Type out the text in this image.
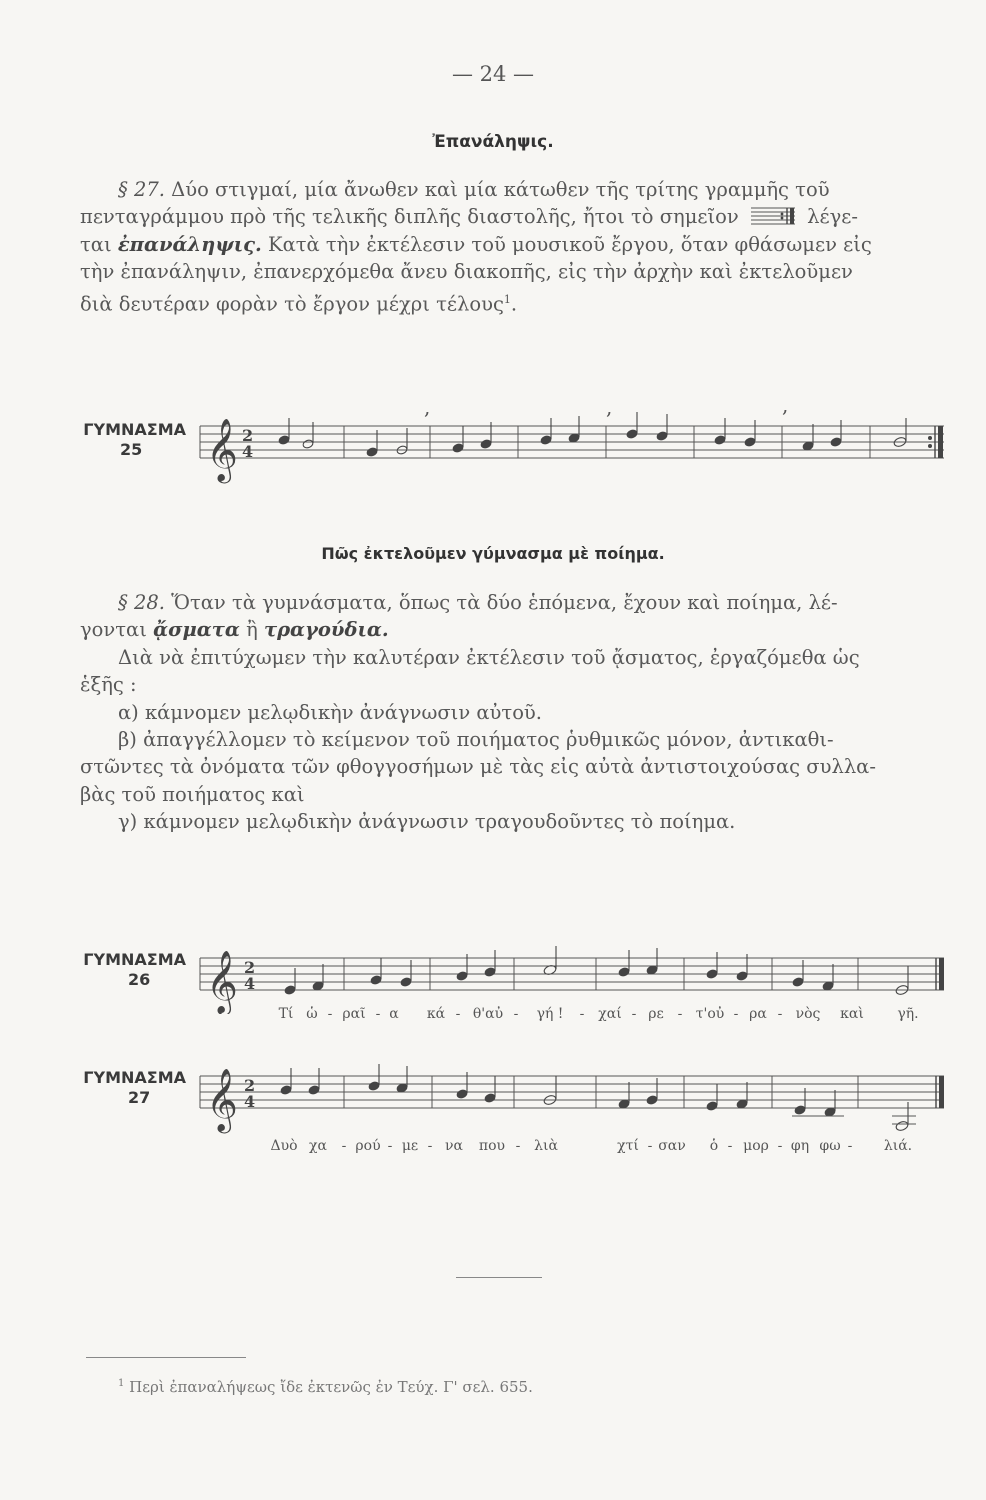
— 24 —
Ἐπανάληψις.

§ 27. Δύο στιγμαί, μία ἄνωθεν καὶ μία κάτωθεν τῆς τρίτης γραμμῆς τοῦ

πενταγράμμου πρὸ τῆς τελικῆς διπλῆς διαστολῆς, ἤτοι τὸ σημεῖον	λέγε-

ται ἐπανάληψις. Κατὰ τὴν ἐκτέλεσιν τοῦ μουσικοῦ ἔργου, ὅταν φθάσωμεν εἰς

τὴν ἐπανάληψιν, ἐπανερχόμεθα ἄνευ διακοπῆς, εἰς τὴν ἀρχὴν καὶ ἐκτελοῦμεν

διὰ δευτέραν φορὰν τὸ ἔργον μέχρι τέλους$^1$.

ΓΥΜΝΑΣΜΑ
25	𝄞 2
4
,	,	,
Πῶς ἐκτελοῦμεν γύμνασμα μὲ ποίημα.

§ 28. Ὅταν τὰ γυμνάσματα, ὅπως τὰ δύο ἑπόμενα, ἔχουν καὶ ποίημα, λέ-

γονται ᾄσματα ἢ τραγούδια.

Διὰ νὰ ἐπιτύχωμεν τὴν καλυτέραν ἐκτέλεσιν τοῦ ᾄσματος, ἐργαζόμεθα ὡς

ἑξῆς :

α) κάμνομεν μελῳδικὴν ἀνάγνωσιν αὐτοῦ.

β) ἀπαγγέλλομεν τὸ κείμενον τοῦ ποιήματος ῥυθμικῶς μόνον, ἀντικαθι-

στῶντες τὰ ὀνόματα τῶν φθογγοσήμων μὲ τὰς εἰς αὐτὰ ἀντιστοιχούσας συλλα-

βὰς τοῦ ποιήματος καὶ

γ) κάμνομεν μελῳδικὴν ἀνάγνωσιν τραγουδοῦντες τὸ ποίημα.

ΓΥΜΝΑΣΜΑ
26	𝄞 2
4
Τί ὡ - ραῖ - α κά - θ'αὐ - γή ! - χαί - ρε - τ'οὐ - ρα - νὸς καὶ γῆ.
ΓΥΜΝΑΣΜΑ
27	𝄞 2
4
Δυὸ χα - ρού - με - να που - λιὰ	χτί - σαν ὁ - μορ - φη φω - λιά.
$^1$ Περὶ ἐπαναλήψεως ἴδε ἐκτενῶς ἐν Τεύχ. Γ' σελ. 655.
